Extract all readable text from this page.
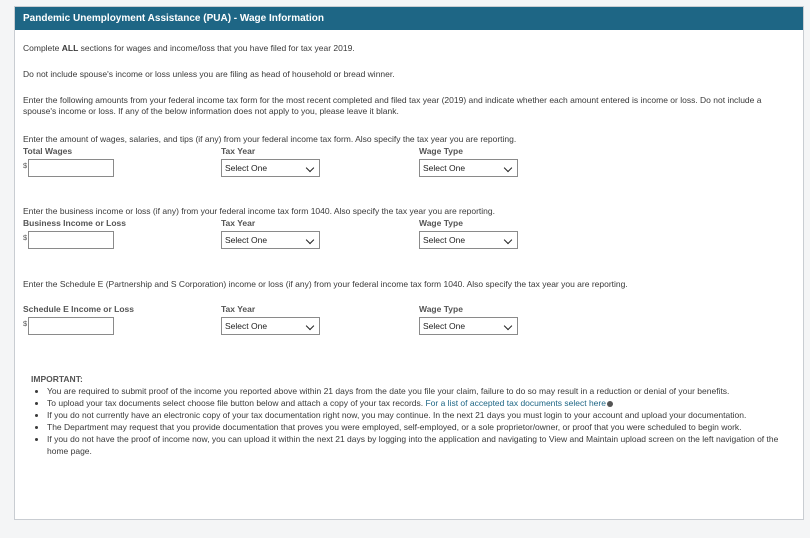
Pandemic Unemployment Assistance (PUA) - Wage Information

Complete ALL sections for wages and income/loss that you have filed for tax year 2019.

Do not include spouse's income or loss unless you are filing as head of household or bread winner.

Enter the following amounts from your federal income tax form for the most recent completed and filed tax year (2019) and indicate whether each amount entered is income or loss. Do not include a spouse's income or loss. If any of the below information does not apply to you, please leave it blank.

Enter the amount of wages, salaries, and tips (if any) from your federal income tax form. Also specify the tax year you are reporting.

Total Wages	Tax Year	Wage Type
$	Select One	Select One

Enter the business income or loss (if any) from your federal income tax form 1040. Also specify the tax year you are reporting.

Business Income or Loss	Tax Year	Wage Type
$	Select One	Select One

Enter the Schedule E (Partnership and S Corporation) income or loss (if any) from your federal income tax form 1040. Also specify the tax year you are reporting.

Schedule E Income or Loss	Tax Year	Wage Type
$	Select One	Select One
IMPORTANT:
• You are required to submit proof of the income you reported above within 21 days from the date you file your claim, failure to do so may result in a reduction or denial of your benefits.
• To upload your tax documents select choose file button below and attach a copy of your tax records. For a list of accepted tax documents select here
• If you do not currently have an electronic copy of your tax documentation right now, you may continue. In the next 21 days you must login to your account and upload your documentation.
• The Department may request that you provide documentation that proves you were employed, self-employed, or a sole proprietor/owner, or proof that you were scheduled to begin work.
• If you do not have the proof of income now, you can upload it within the next 21 days by logging into the application and navigating to View and Maintain upload screen on the left navigation of the home page.
